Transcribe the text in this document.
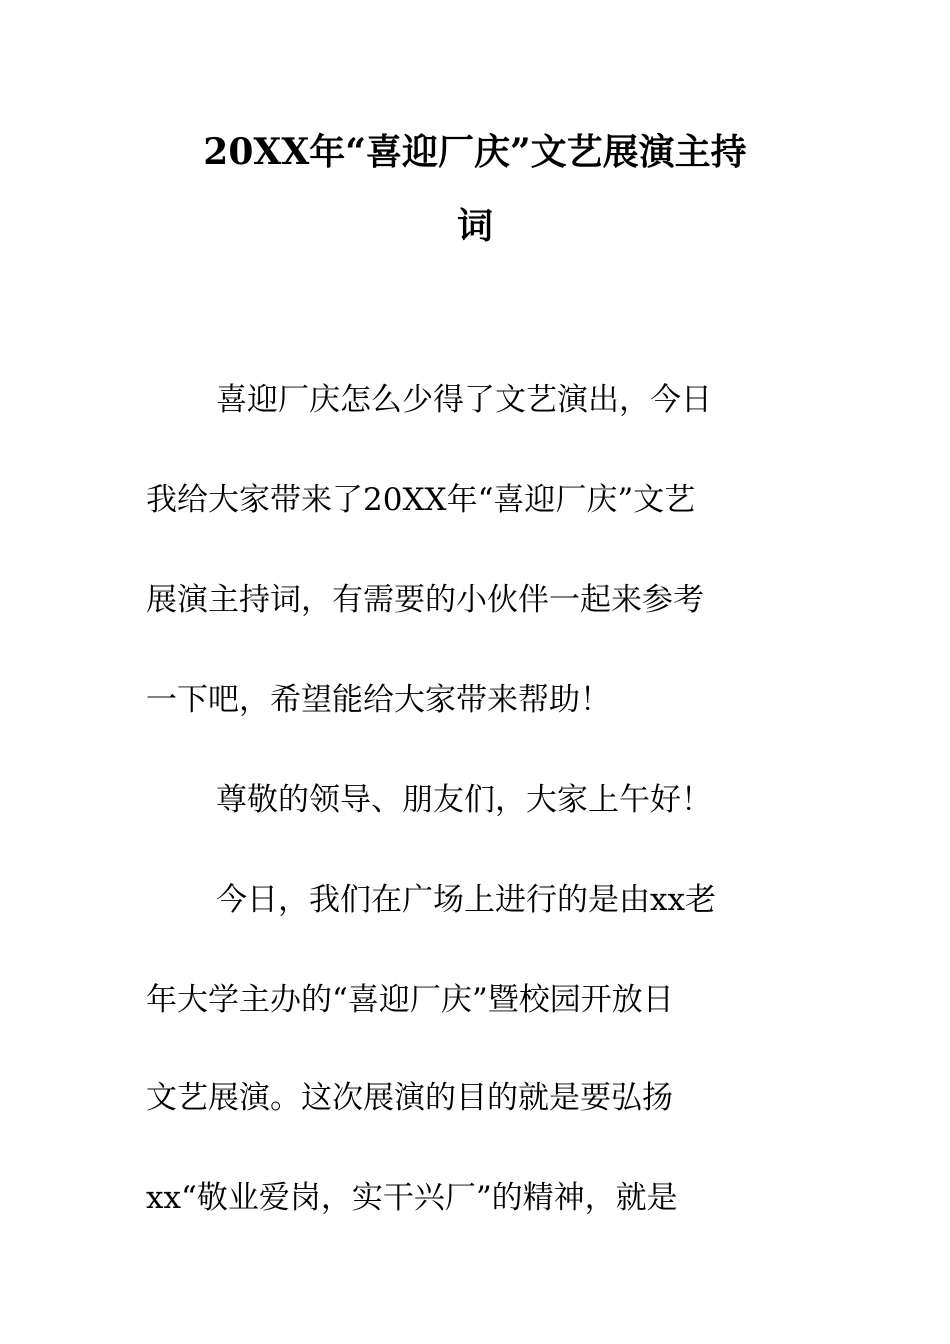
20XX年“喜迎厂庆”文艺展演主持
词
喜迎厂庆怎么少得了文艺演出，今日
我给大家带来了20XX年“喜迎厂庆”文艺
展演主持词，有需要的小伙伴一起来参考
一下吧，希望能给大家带来帮助！
尊敬的领导、朋友们，大家上午好！
今日，我们在广场上进行的是由xx老
年大学主办的“喜迎厂庆”暨校园开放日
文艺展演。这次展演的目的就是要弘扬
xx“敬业爱岗，实干兴厂”的精神，就是
